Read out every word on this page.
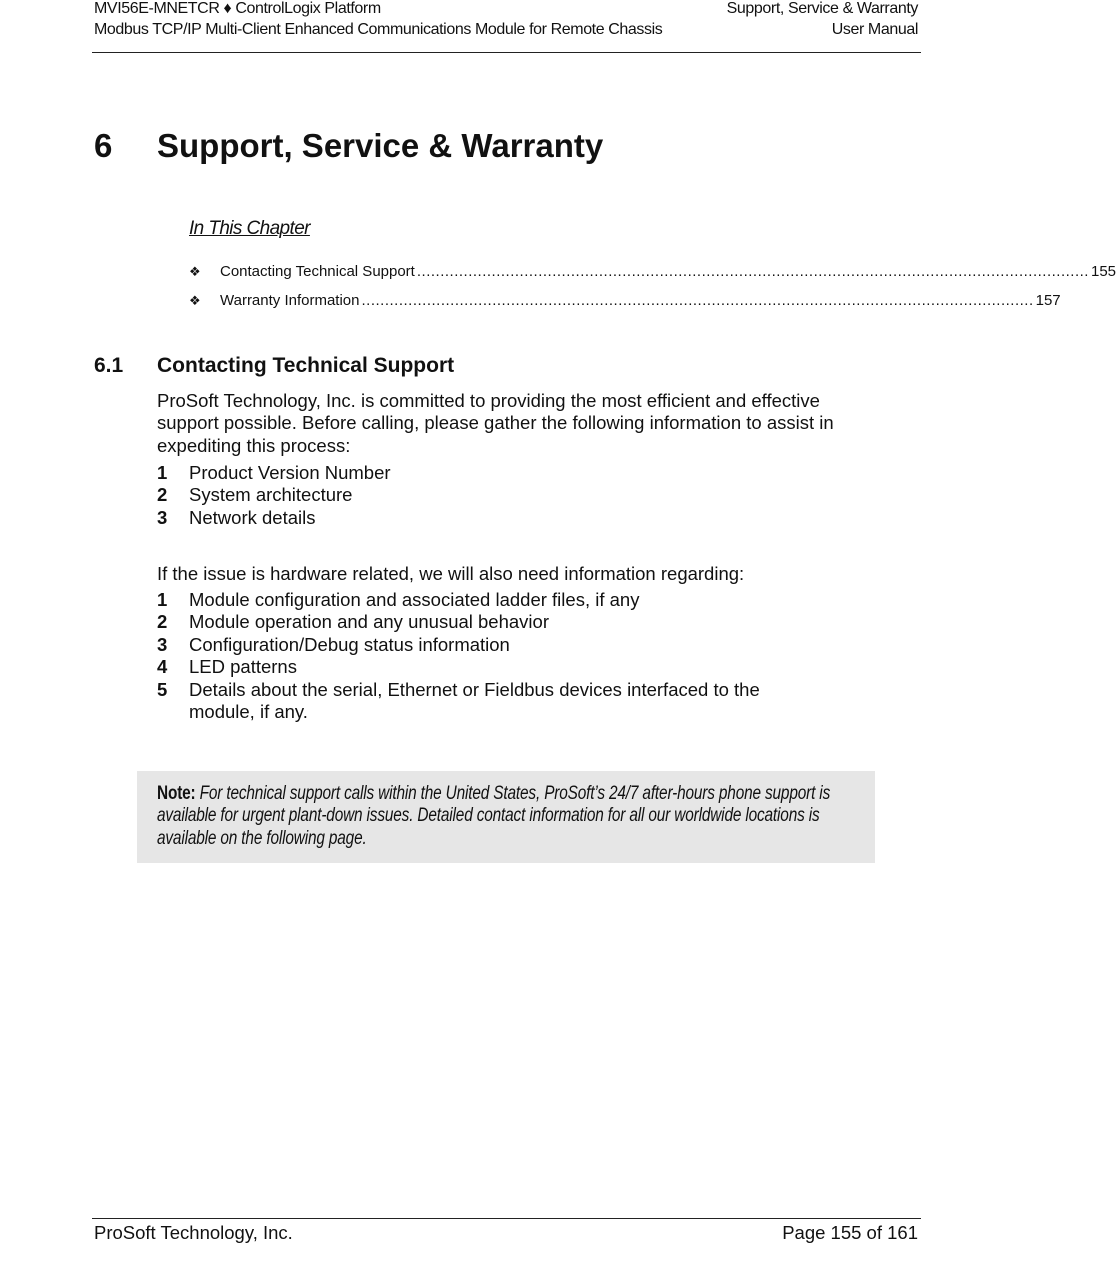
MVI56E-MNETCR ♦ ControlLogix Platform
Modbus TCP/IP Multi-Client Enhanced Communications Module for Remote Chassis
Support, Service & Warranty
User Manual
6 Support, Service & Warranty
In This Chapter
❖	Contacting Technical Support ................................................................................................................................................ 155
❖	Warranty Information ................................................................................................................................................ 157
6.1 Contacting Technical Support
ProSoft Technology, Inc. is committed to providing the most efficient and effective support possible. Before calling, please gather the following information to assist in expediting this process:
1	Product Version Number
2	System architecture
3	Network details
If the issue is hardware related, we will also need information regarding:
1	Module configuration and associated ladder files, if any
2	Module operation and any unusual behavior
3	Configuration/Debug status information
4	LED patterns
5	Details about the serial, Ethernet or Fieldbus devices interfaced to the module, if any.
Note: For technical support calls within the United States, ProSoft’s 24/7 after-hours phone support is available for urgent plant-down issues. Detailed contact information for all our worldwide locations is available on the following page.
ProSoft Technology, Inc.	Page 155 of 161
